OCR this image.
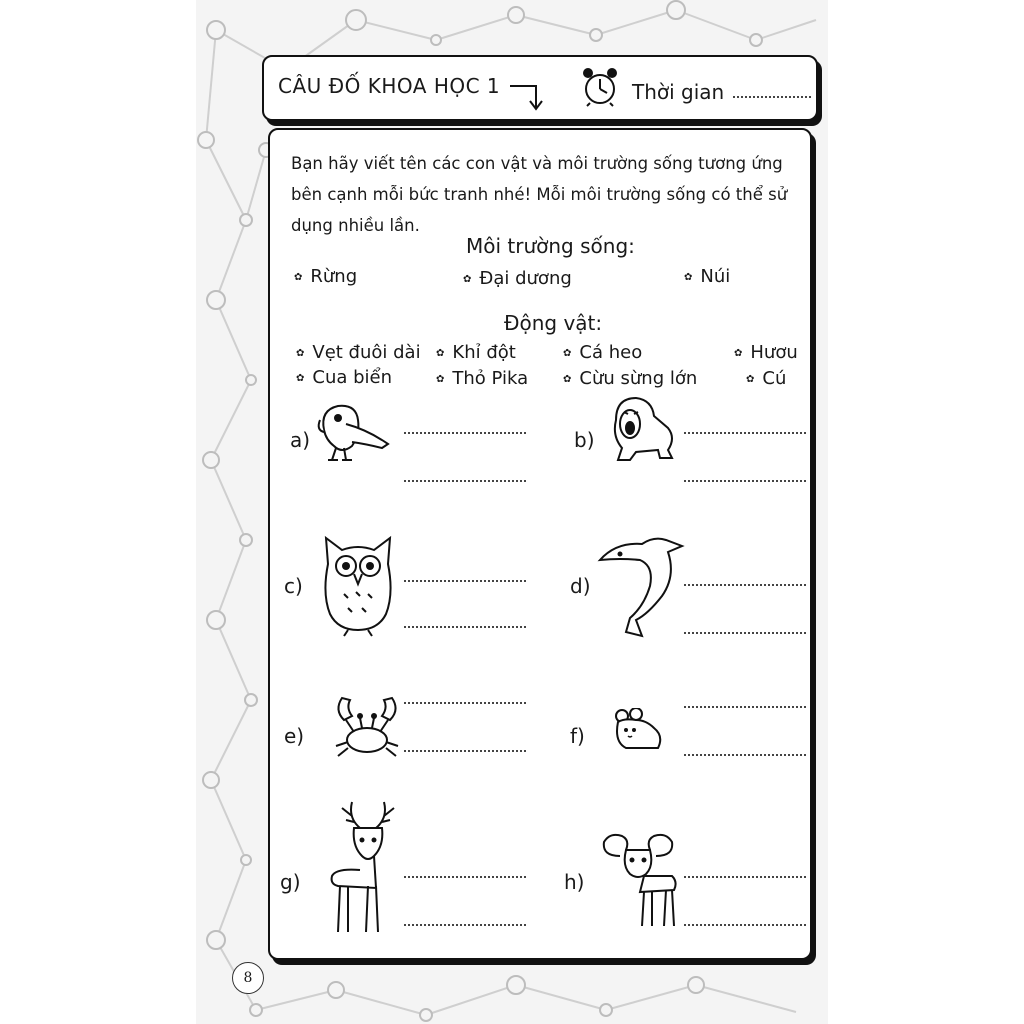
CÂU ĐỐ KHOA HỌC 1	Thời gian
Bạn hãy viết tên các con vật và môi trường sống tương ứng bên cạnh mỗi bức tranh nhé! Mỗi môi trường sống có thể sử dụng nhiều lần.
Môi trường sống:
✿ Rừng	✿ Đại dương	✿ Núi
Động vật:
✿ Vẹt đuôi dài ✿ Khỉ đột	✿ Cá heo	✿ Hươu
✿ Cua biển	✿ Thỏ Pika	✿ Cừu sừng lớn	✿ Cú
a)	b)
c)	d)
e)	f)
g)	h)
8
